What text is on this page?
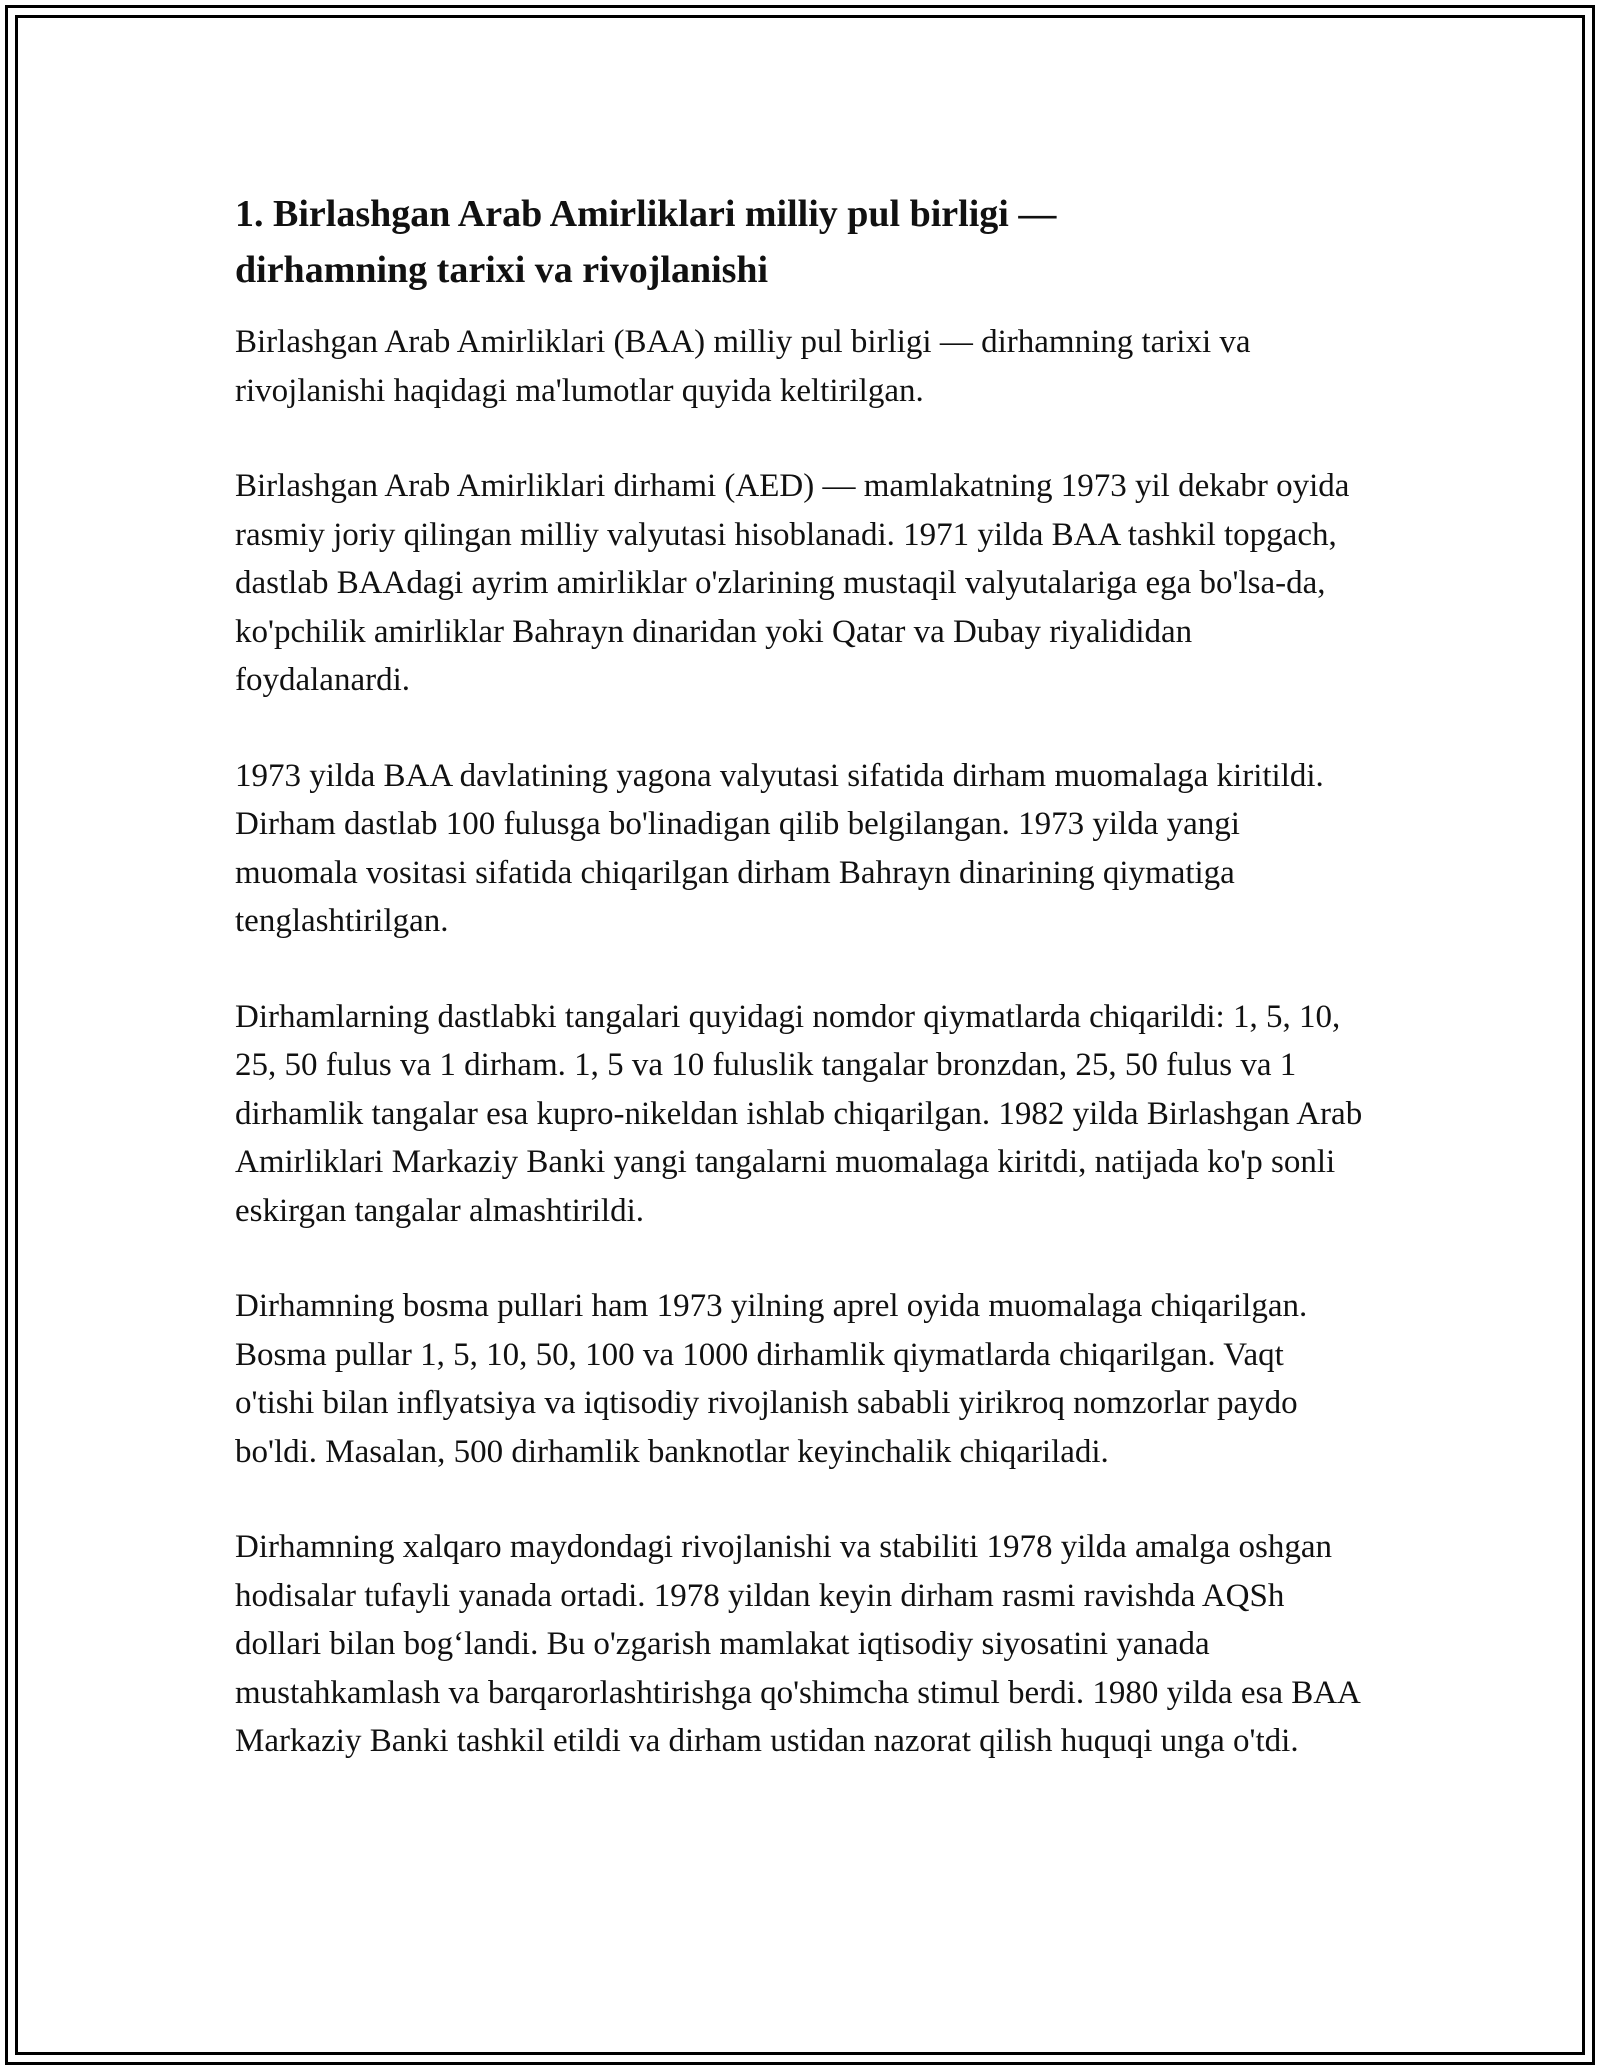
1. Birlashgan Arab Amirliklari milliy pul birligi — dirhamning tarixi va rivojlanishi

Birlashgan Arab Amirliklari (BAA) milliy pul birligi — dirhamning tarixi va rivojlanishi haqidagi ma'lumotlar quyida keltirilgan.

Birlashgan Arab Amirliklari dirhami (AED) — mamlakatning 1973 yil dekabr oyida rasmiy joriy qilingan milliy valyutasi hisoblanadi. 1971 yilda BAA tashkil topgach, dastlab BAAdagi ayrim amirliklar o'zlarining mustaqil valyutalariga ega bo'lsa-da, ko'pchilik amirliklar Bahrayn dinaridan yoki Qatar va Dubay riyalididan foydalanardi.

1973 yilda BAA davlatining yagona valyutasi sifatida dirham muomalaga kiritildi. Dirham dastlab 100 fulusga bo'linadigan qilib belgilangan. 1973 yilda yangi muomala vositasi sifatida chiqarilgan dirham Bahrayn dinarining qiymatiga tenglashtirilgan.

Dirhamlarning dastlabki tangalari quyidagi nomdor qiymatlarda chiqarildi: 1, 5, 10, 25, 50 fulus va 1 dirham. 1, 5 va 10 fuluslik tangalar bronzdan, 25, 50 fulus va 1 dirhamlik tangalar esa kupro-nikeldan ishlab chiqarilgan. 1982 yilda Birlashgan Arab Amirliklari Markaziy Banki yangi tangalarni muomalaga kiritdi, natijada ko'p sonli eskirgan tangalar almashtirildi.

Dirhamning bosma pullari ham 1973 yilning aprel oyida muomalaga chiqarilgan. Bosma pullar 1, 5, 10, 50, 100 va 1000 dirhamlik qiymatlarda chiqarilgan. Vaqt o'tishi bilan inflyatsiya va iqtisodiy rivojlanish sababli yirikroq nomzorlar paydo bo'ldi. Masalan, 500 dirhamlik banknotlar keyinchalik chiqariladi.

Dirhamning xalqaro maydondagi rivojlanishi va stabiliti 1978 yilda amalga oshgan hodisalar tufayli yanada ortadi. 1978 yildan keyin dirham rasmi ravishda AQSh dollari bilan bog‘landi. Bu o'zgarish mamlakat iqtisodiy siyosatini yanada mustahkamlash va barqarorlashtirishga qo'shimcha stimul berdi. 1980 yilda esa BAA Markaziy Banki tashkil etildi va dirham ustidan nazorat qilish huquqi unga o'tdi.
